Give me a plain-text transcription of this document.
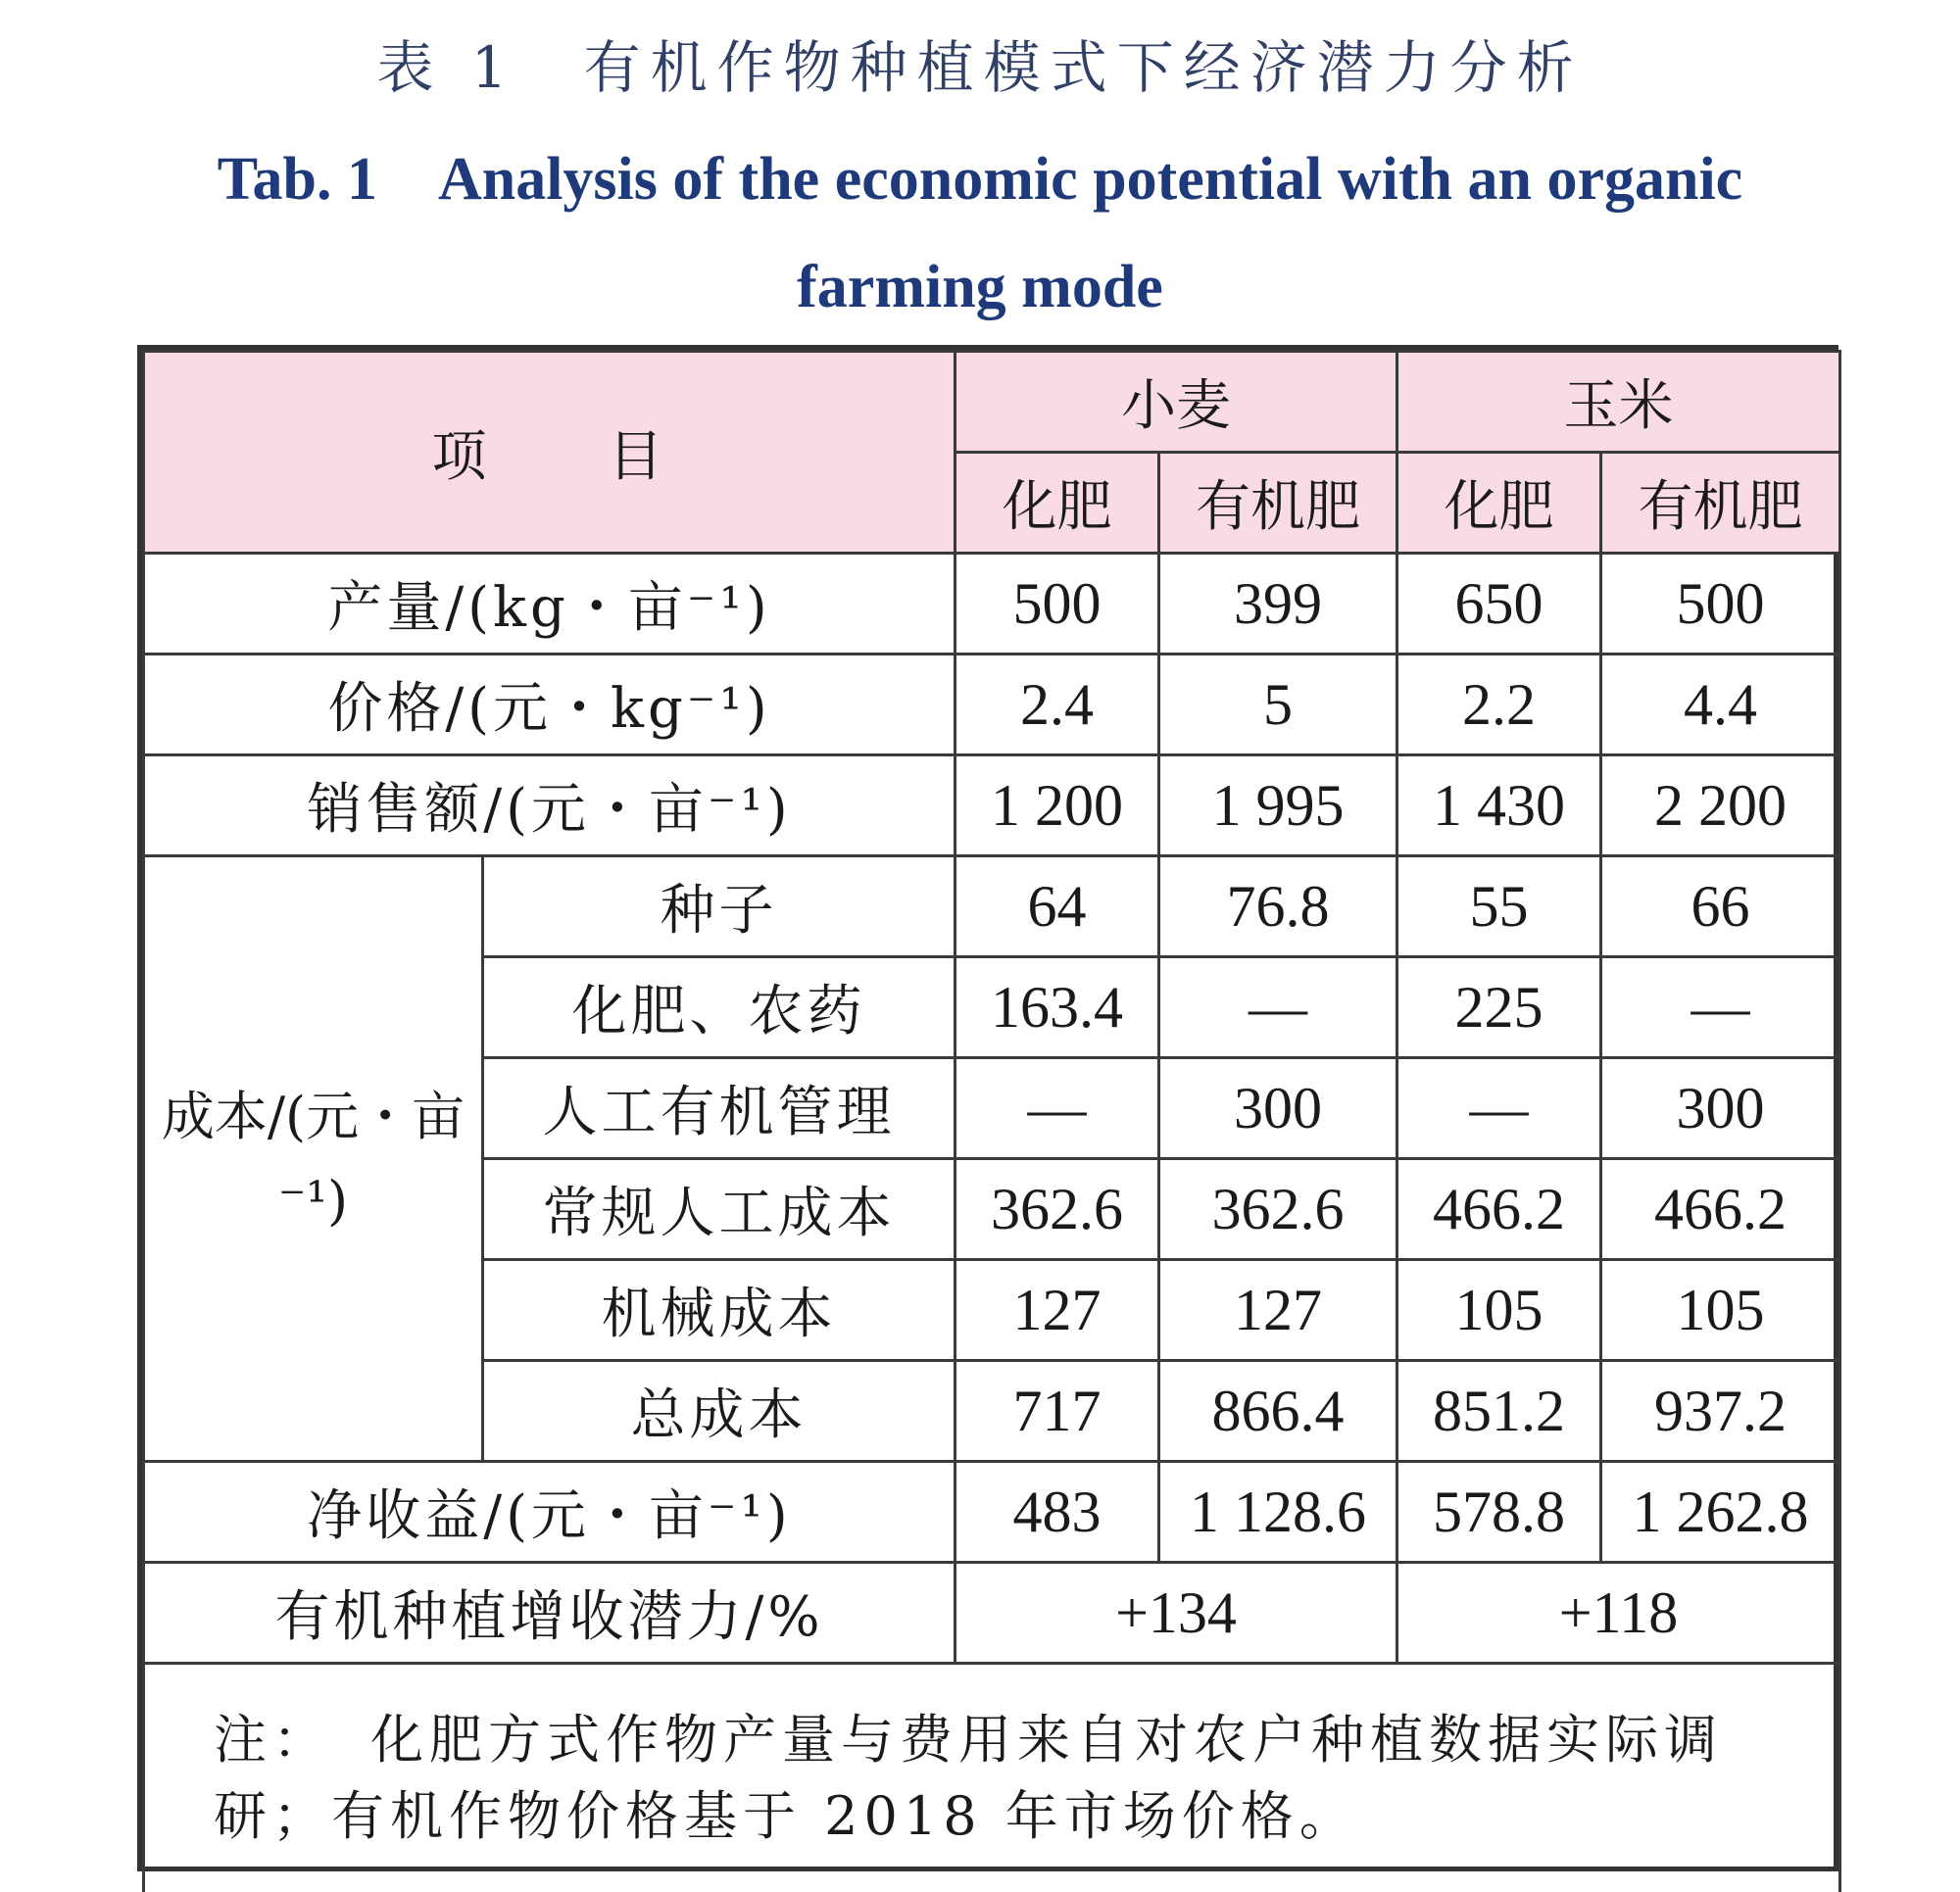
表 1　有机作物种植模式下经济潜力分析
Tab. 1　Analysis of the economic potential with an organic farming mode
项　　目		小麦		玉米	
		化肥	有机肥	化肥	有机肥
产量/(kg・亩⁻¹)		500	399	650	500
价格/(元・kg⁻¹)		2.4	5	2.2	4.4
销售额/(元・亩⁻¹)		1 200	1 995	1 430	2 200
成本/(元・亩⁻¹)	种子	64	76.8	55	66
	化肥、农药	163.4	—	225	—
	人工有机管理	—	300	—	300
	常规人工成本	362.6	362.6	466.2	466.2
	机械成本	127	127	105	105
	总成本	717	866.4	851.2	937.2
净收益/(元・亩⁻¹)		483	1 128.6	578.8	1 262.8
有机种植增收潜力/%		+134		+118	
注： 化肥方式作物产量与费用来自对农户种植数据实际调研；有机作物价格基于 2018 年市场价格。					
